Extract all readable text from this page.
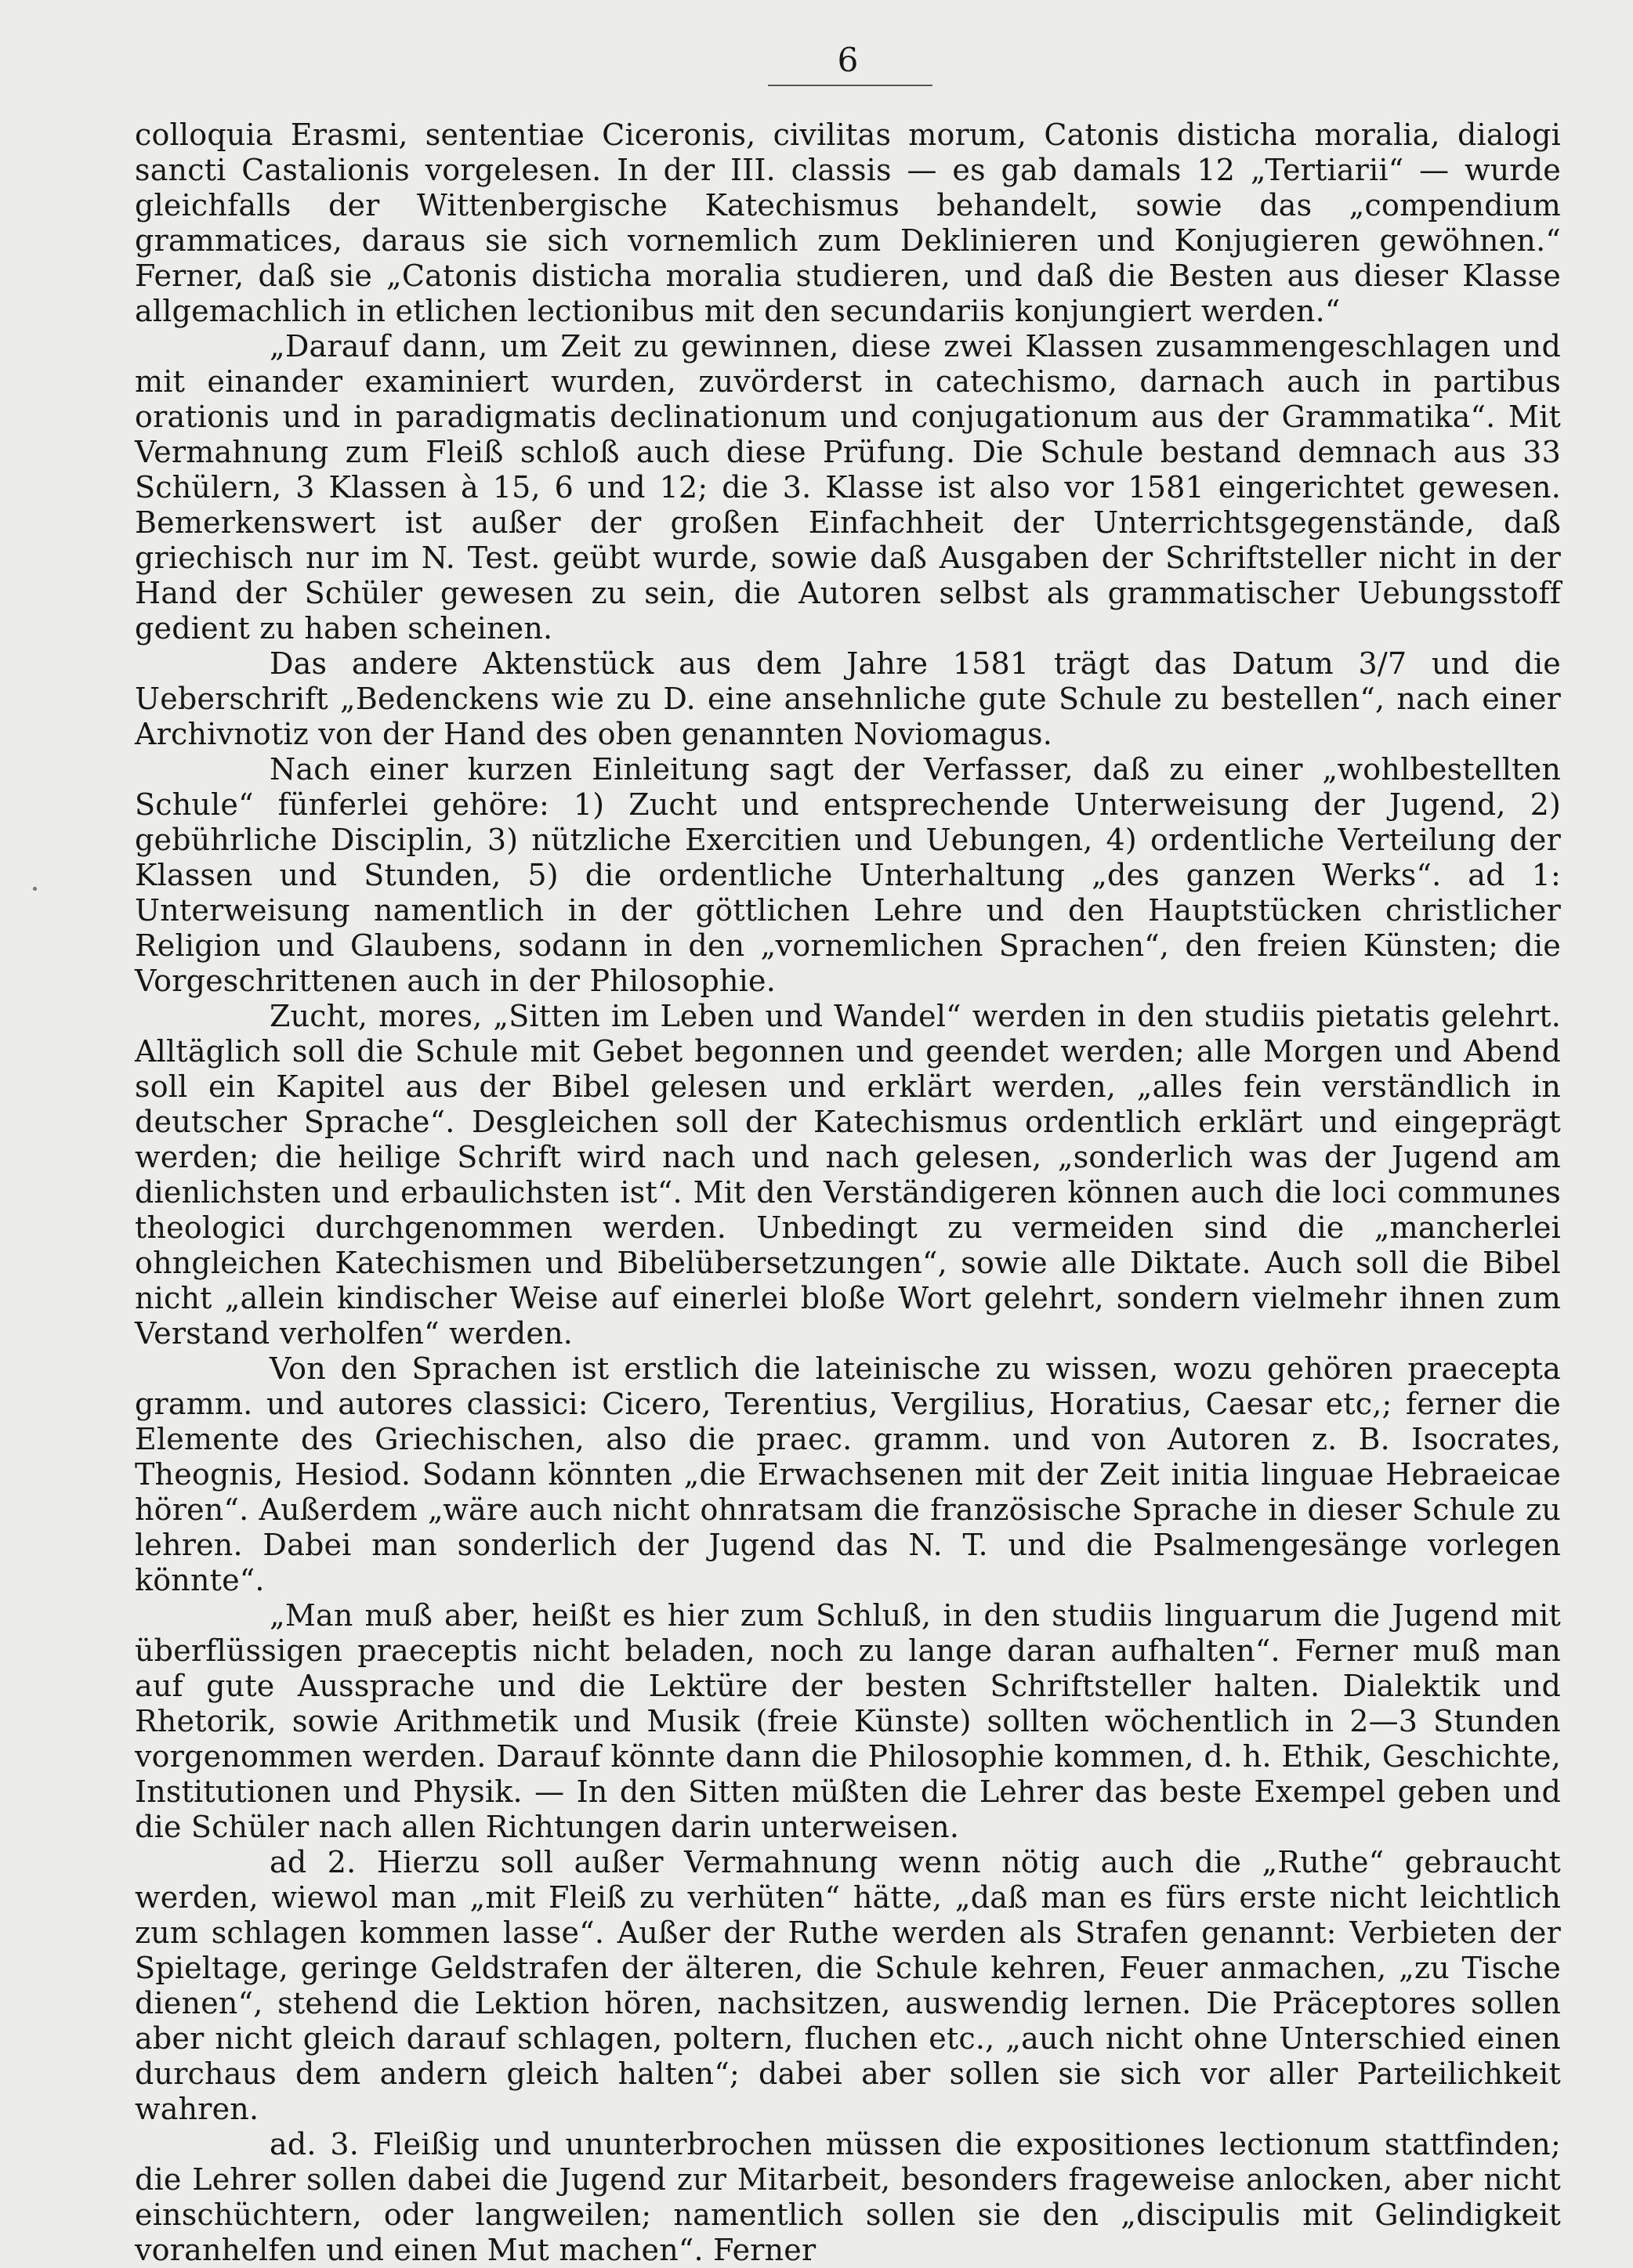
6

colloquia Erasmi, sententiae Ciceronis, civilitas morum, Catonis disticha moralia, dialogi sancti Castalionis vorgelesen. In der III. classis — es gab damals 12 „Tertiarii“ — wurde gleichfalls der Wittenbergische Katechismus behandelt, sowie das „compendium grammatices, daraus sie sich vornemlich zum Deklinieren und Konjugieren gewöhnen.“ Ferner, daß sie „Catonis disticha moralia studieren, und daß die Besten aus dieser Klasse allgemachlich in etlichen lectionibus mit den secundariis konjungiert werden.“

„Darauf dann, um Zeit zu gewinnen, diese zwei Klassen zusammengeschlagen und mit einander examiniert wurden, zuvörderst in catechismo, darnach auch in partibus orationis und in paradigmatis declinationum und conjugationum aus der Grammatika“. Mit Vermahnung zum Fleiß schloß auch diese Prüfung. Die Schule bestand demnach aus 33 Schülern, 3 Klassen à 15, 6 und 12; die 3. Klasse ist also vor 1581 eingerichtet gewesen. Bemerkenswert ist außer der großen Einfachheit der Unterrichtsgegenstände, daß griechisch nur im N. Test. geübt wurde, sowie daß Ausgaben der Schriftsteller nicht in der Hand der Schüler gewesen zu sein, die Autoren selbst als grammatischer Uebungsstoff gedient zu haben scheinen.

Das andere Aktenstück aus dem Jahre 1581 trägt das Datum 3/7 und die Ueberschrift „Bedenckens wie zu D. eine ansehnliche gute Schule zu bestellen“, nach einer Archivnotiz von der Hand des oben genannten Noviomagus.

Nach einer kurzen Einleitung sagt der Verfasser, daß zu einer „wohlbestellten Schule“ fünferlei gehöre: 1) Zucht und entsprechende Unterweisung der Jugend, 2) gebührliche Disciplin, 3) nützliche Exercitien und Uebungen, 4) ordentliche Verteilung der Klassen und Stunden, 5) die ordentliche Unterhaltung „des ganzen Werks“. ad 1: Unterweisung namentlich in der göttlichen Lehre und den Hauptstücken christlicher Religion und Glaubens, sodann in den „vornemlichen Sprachen“, den freien Künsten; die Vorgeschrittenen auch in der Philosophie.

Zucht, mores, „Sitten im Leben und Wandel“ werden in den studiis pietatis gelehrt. Alltäglich soll die Schule mit Gebet begonnen und geendet werden; alle Morgen und Abend soll ein Kapitel aus der Bibel gelesen und erklärt werden, „alles fein verständlich in deutscher Sprache“. Desgleichen soll der Katechismus ordentlich erklärt und eingeprägt werden; die heilige Schrift wird nach und nach gelesen, „sonderlich was der Jugend am dienlichsten und erbaulichsten ist“. Mit den Verständigeren können auch die loci communes theologici durchgenommen werden. Unbedingt zu vermeiden sind die „mancherlei ohngleichen Katechismen und Bibelübersetzungen“, sowie alle Diktate. Auch soll die Bibel nicht „allein kindischer Weise auf einerlei bloße Wort gelehrt, sondern vielmehr ihnen zum Verstand verholfen“ werden.

Von den Sprachen ist erstlich die lateinische zu wissen, wozu gehören praecepta gramm. und autores classici: Cicero, Terentius, Vergilius, Horatius, Caesar etc,; ferner die Elemente des Griechischen, also die praec. gramm. und von Autoren z. B. Isocrates, Theognis, Hesiod. Sodann könnten „die Erwachsenen mit der Zeit initia linguae Hebraeicae hören“. Außerdem „wäre auch nicht ohnratsam die französische Sprache in dieser Schule zu lehren. Dabei man sonderlich der Jugend das N. T. und die Psalmengesänge vorlegen könnte“.

„Man muß aber, heißt es hier zum Schluß, in den studiis linguarum die Jugend mit überflüssigen praeceptis nicht beladen, noch zu lange daran aufhalten“. Ferner muß man auf gute Aussprache und die Lektüre der besten Schriftsteller halten. Dialektik und Rhetorik, sowie Arithmetik und Musik (freie Künste) sollten wöchentlich in 2—3 Stunden vorgenommen werden. Darauf könnte dann die Philosophie kommen, d. h. Ethik, Geschichte, Institutionen und Physik. — In den Sitten müßten die Lehrer das beste Exempel geben und die Schüler nach allen Richtungen darin unterweisen.

ad 2. Hierzu soll außer Vermahnung wenn nötig auch die „Ruthe“ gebraucht werden, wiewol man „mit Fleiß zu verhüten“ hätte, „daß man es fürs erste nicht leichtlich zum schlagen kommen lasse“. Außer der Ruthe werden als Strafen genannt: Verbieten der Spieltage, geringe Geldstrafen der älteren, die Schule kehren, Feuer anmachen, „zu Tische dienen“, stehend die Lektion hören, nachsitzen, auswendig lernen. Die Präceptores sollen aber nicht gleich darauf schlagen, poltern, fluchen etc., „auch nicht ohne Unterschied einen durchaus dem andern gleich halten“; dabei aber sollen sie sich vor aller Parteilichkeit wahren.

ad. 3. Fleißig und ununterbrochen müssen die expositiones lectionum stattfinden; die Lehrer sollen dabei die Jugend zur Mitarbeit, besonders frageweise anlocken, aber nicht einschüchtern, oder langweilen; namentlich sollen sie den „discipulis mit Gelindigkeit voranhelfen und einen Mut machen“. Ferner
